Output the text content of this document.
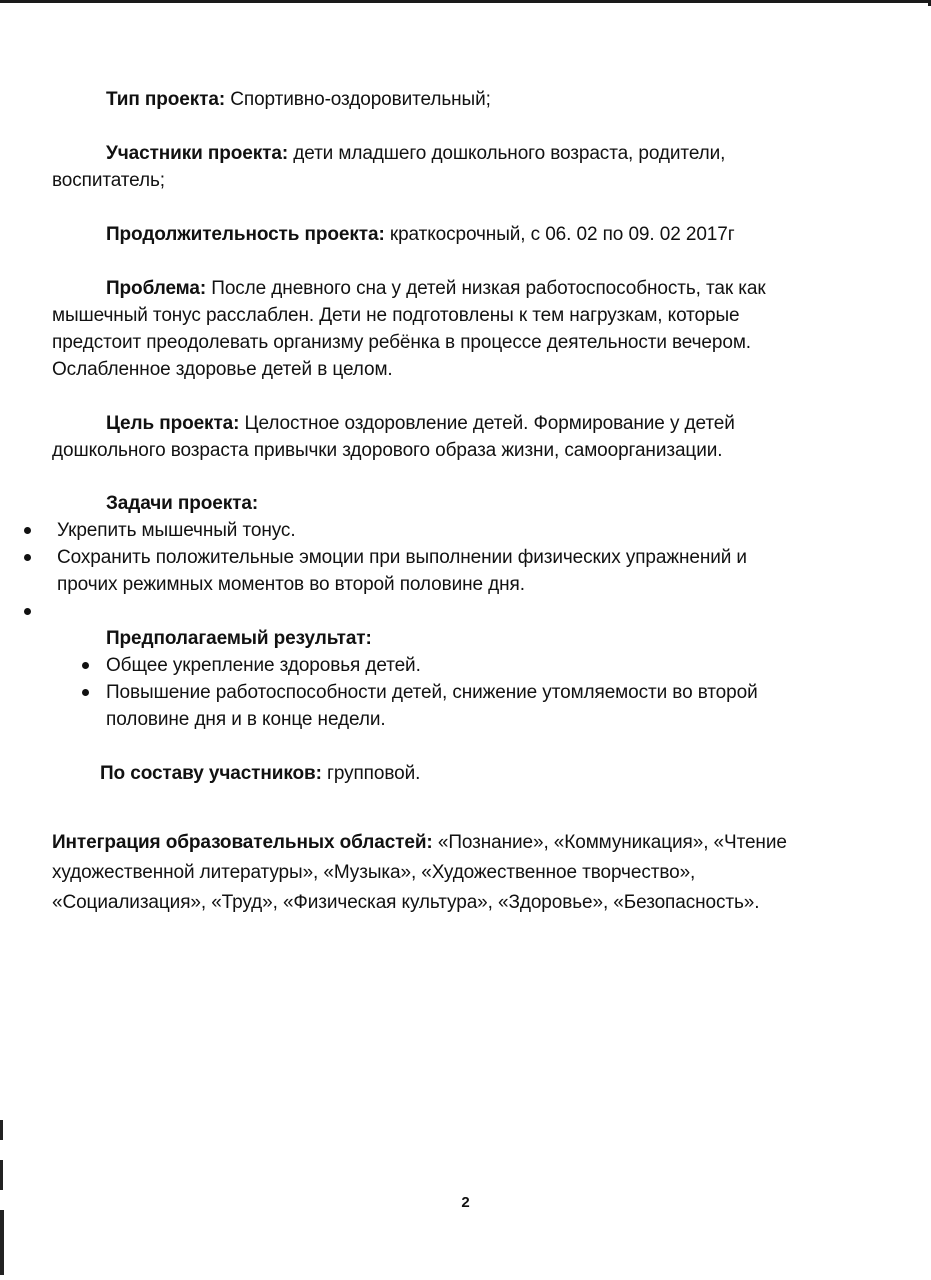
Тип проекта: Спортивно-оздоровительный;

Участники проекта: дети младшего дошкольного возраста, родители, воспитатель;

Продолжительность проекта: краткосрочный, с 06. 02 по 09. 02 2017г

Проблема: После дневного сна у детей низкая работоспособность, так как мышечный тонус расслаблен. Дети не подготовлены к тем нагрузкам, которые предстоит преодолевать организму ребёнка в процессе деятельности вечером. Ослабленное здоровье детей в целом.

Цель проекта: Целостное оздоровление детей. Формирование у детей дошкольного возраста привычки здорового образа жизни, самоорганизации.

Задачи проекта:

Укрепить мышечный тонус.
Сохранить положительные эмоции при выполнении физических упражнений и прочих режимных моментов во второй половине дня.

Предполагаемый результат:

Общее укрепление здоровья детей.
Повышение работоспособности детей, снижение утомляемости во второй половине дня и в конце недели.

По составу участников: групповой.

Интеграция образовательных областей: «Познание», «Коммуникация», «Чтение художественной литературы», «Музыка», «Художественное творчество», «Социализация», «Труд», «Физическая культура», «Здоровье», «Безопасность».

2
